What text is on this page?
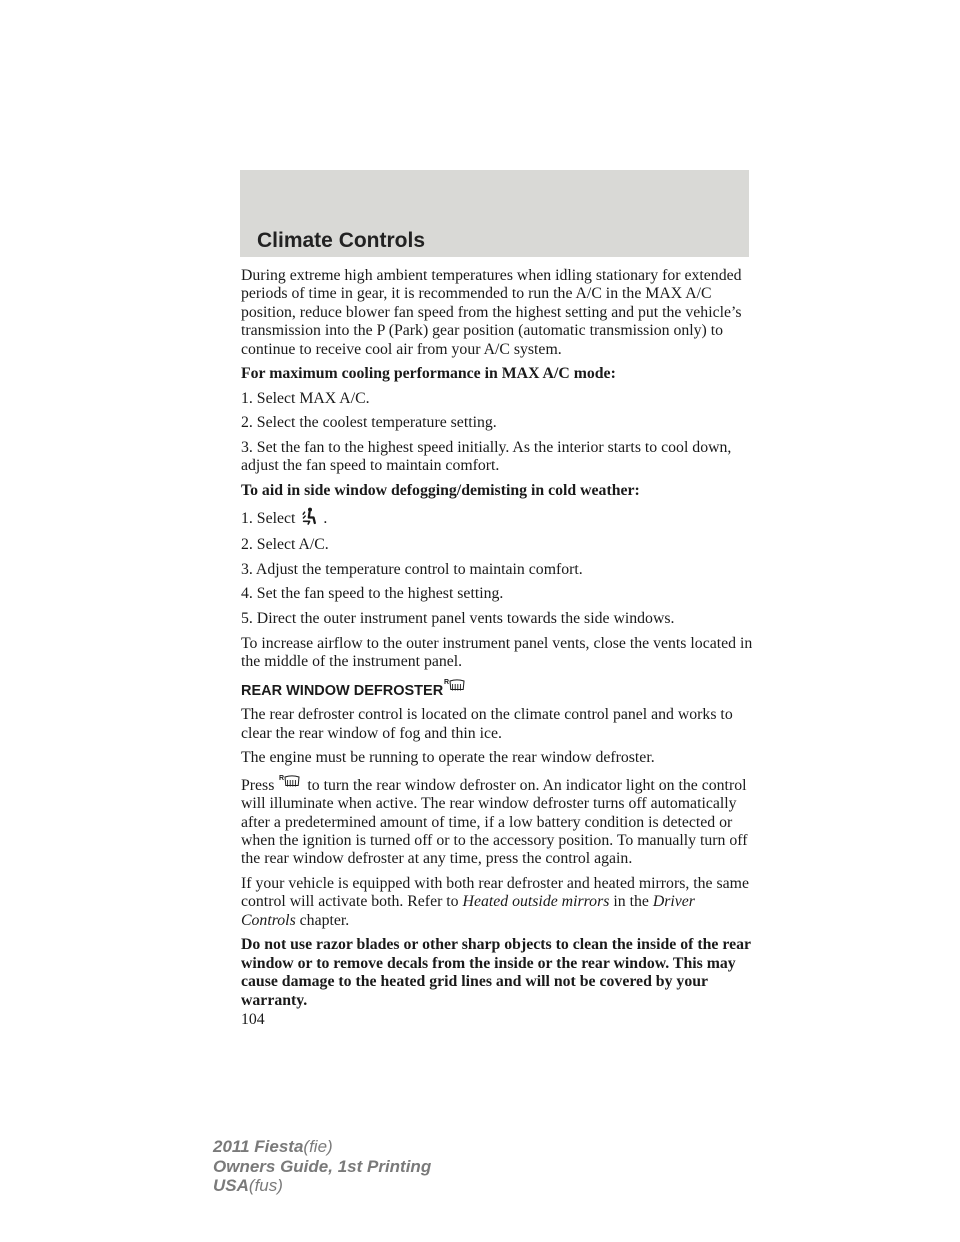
Climate Controls

During extreme high ambient temperatures when idling stationary for extended periods of time in gear, it is recommended to run the A/C in the MAX A/C position, reduce blower fan speed from the highest setting and put the vehicle’s transmission into the P (Park) gear position (automatic transmission only) to continue to receive cool air from your A/C system.

For maximum cooling performance in MAX A/C mode:

1. Select MAX A/C.

2. Select the coolest temperature setting.

3. Set the fan to the highest speed initially. As the interior starts to cool down, adjust the fan speed to maintain comfort.

To aid in side window defogging/demisting in cold weather:

1. Select .

2. Select A/C.

3. Adjust the temperature control to maintain comfort.

4. Set the fan speed to the highest setting.

5. Direct the outer instrument panel vents towards the side windows.

To increase airflow to the outer instrument panel vents, close the vents located in the middle of the instrument panel.

REAR WINDOW DEFROSTER
R

The rear defroster control is located on the climate control panel and works to clear the rear window of fog and thin ice.

The engine must be running to operate the rear window defroster.

Press R to turn the rear window defroster on. An indicator light on the control will illuminate when active. The rear window defroster turns off automatically after a predetermined amount of time, if a low battery condition is detected or when the ignition is turned off or to the accessory position. To manually turn off the rear window defroster at any time, press the control again.

If your vehicle is equipped with both rear defroster and heated mirrors, the same control will activate both. Refer to Heated outside mirrors in the Driver Controls chapter.

Do not use razor blades or other sharp objects to clean the inside of the rear window or to remove decals from the inside or the rear window. This may cause damage to the heated grid lines and will not be covered by your warranty.

104
2011 Fiesta(fie)
Owners Guide, 1st Printing
USA(fus)
